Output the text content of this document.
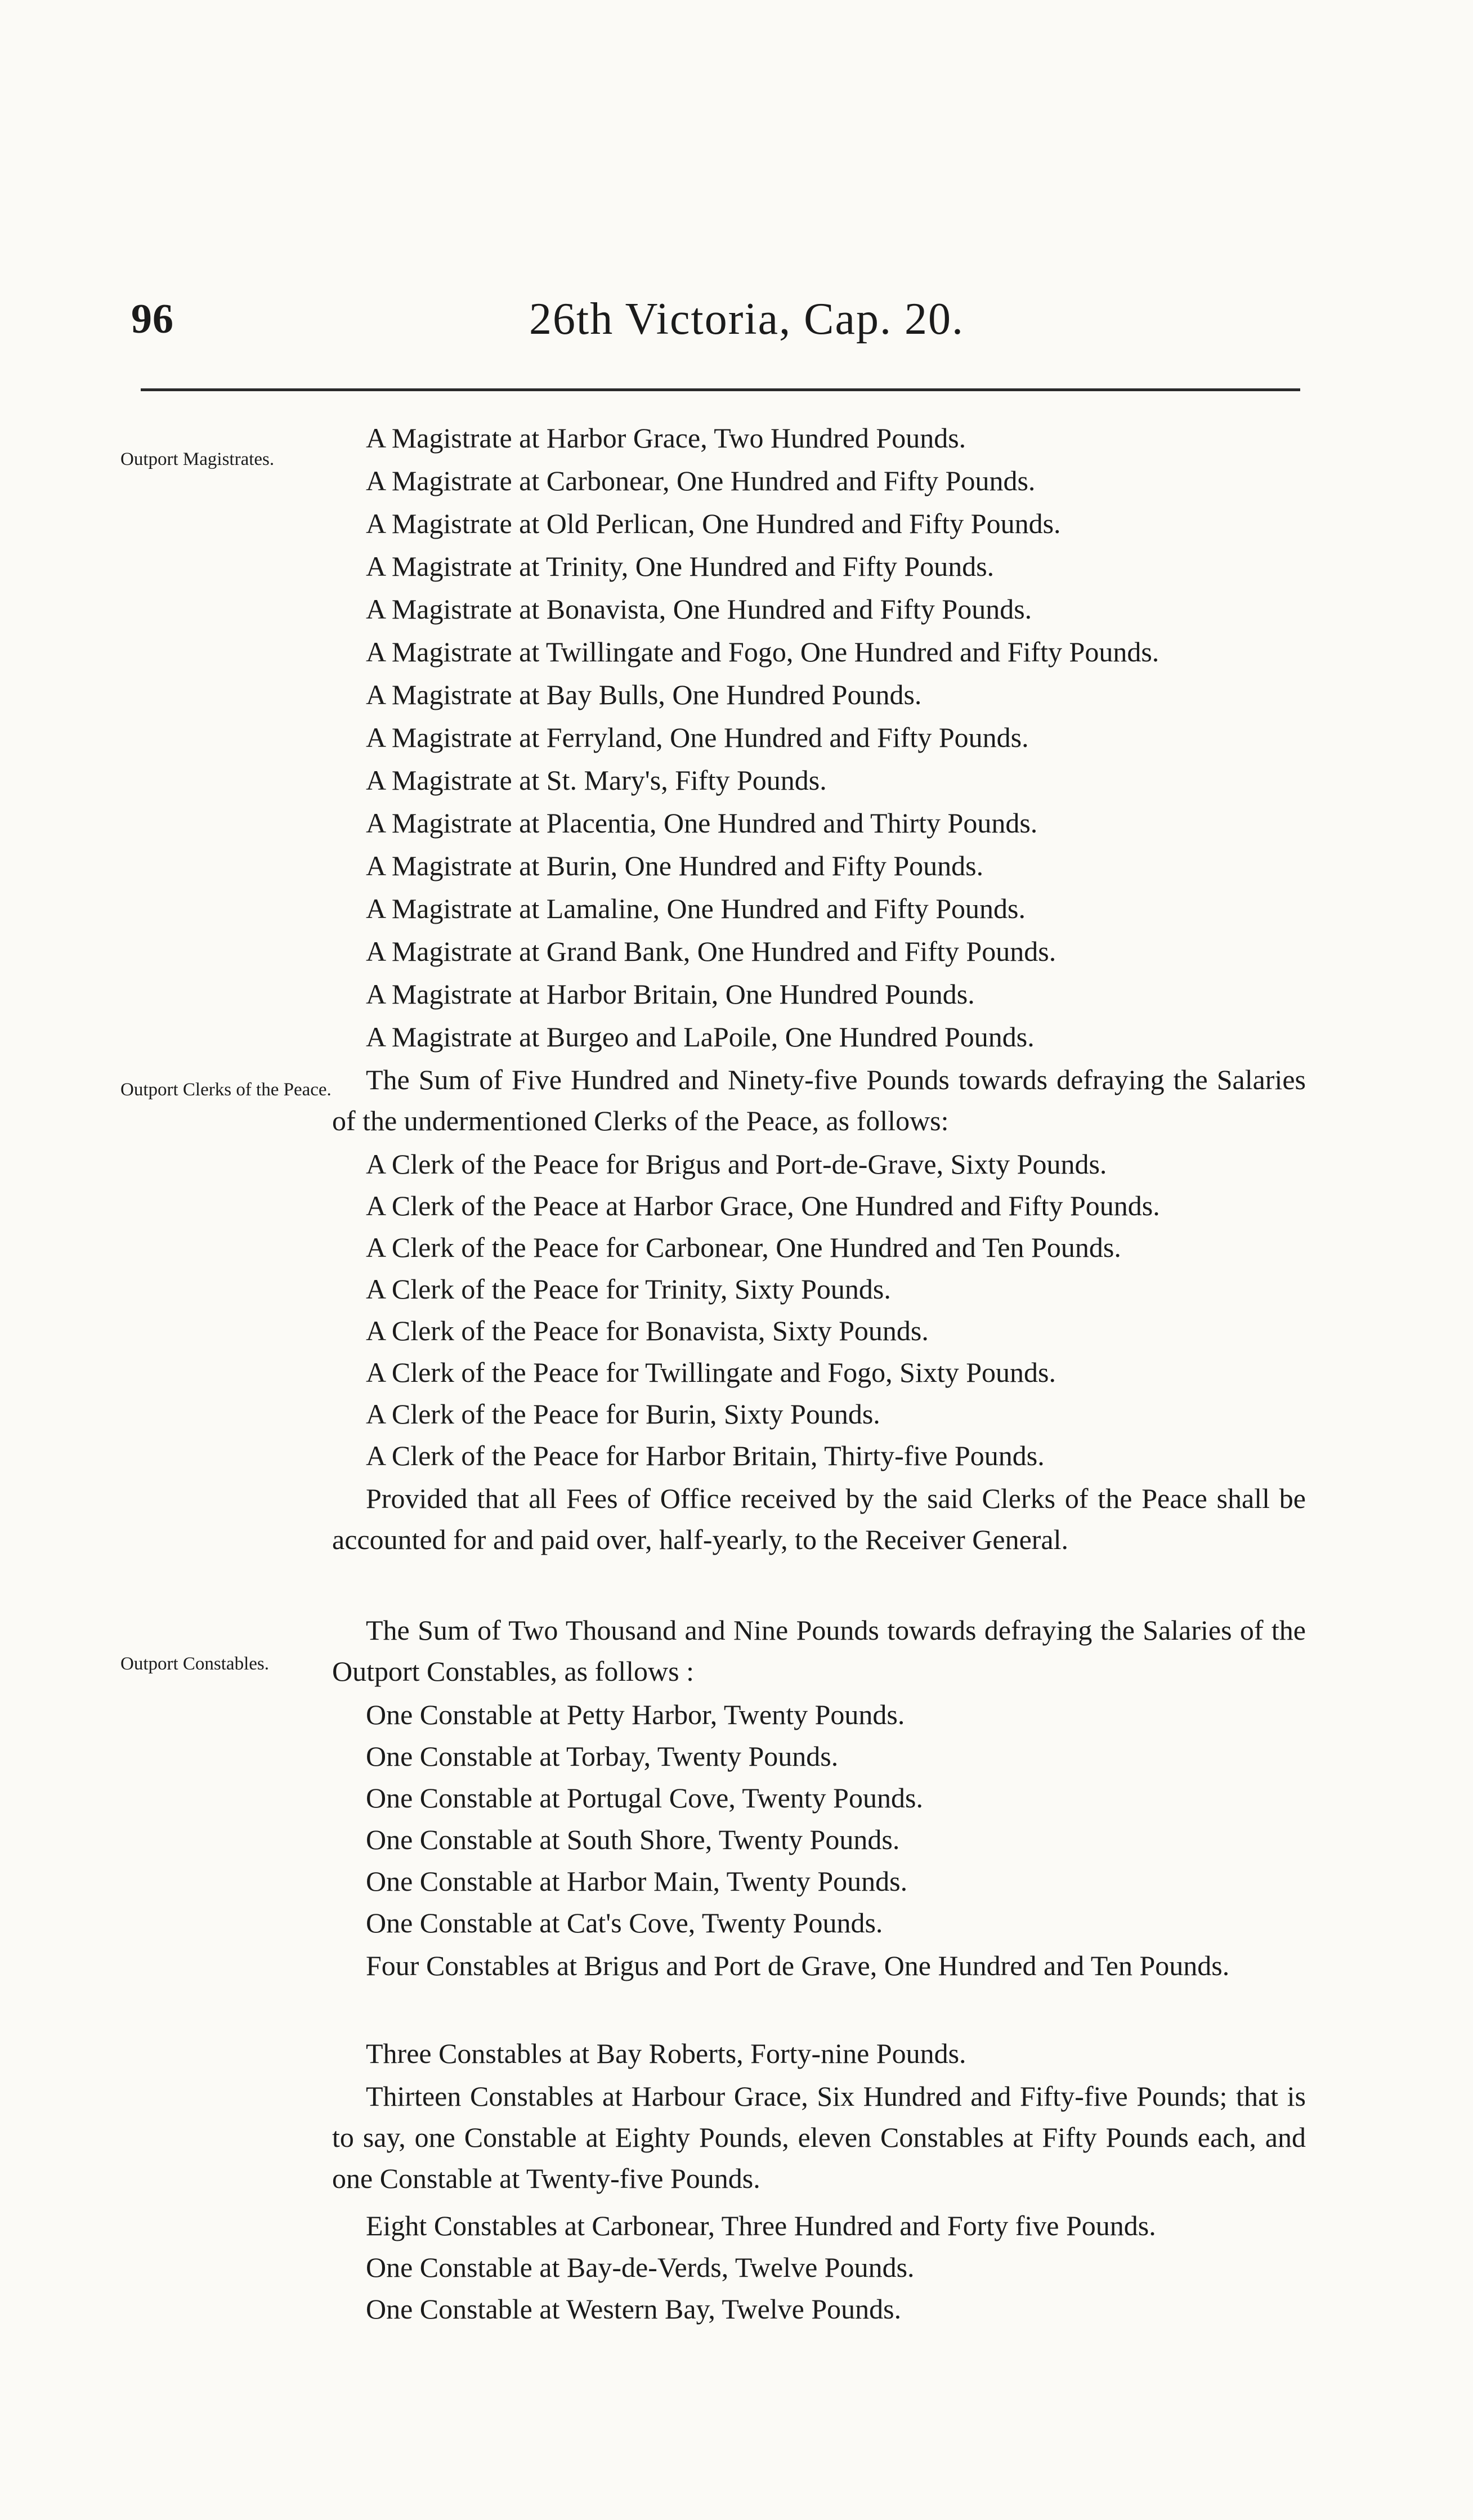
96	26th Victoria, Cap. 20.
Outport Magistrates.
Outport Clerks of the Peace.
Outport Constables.
A Magistrate at Harbor Grace, Two Hundred Pounds.
A Magistrate at Carbonear, One Hundred and Fifty Pounds.
A Magistrate at Old Perlican, One Hundred and Fifty Pounds.
A Magistrate at Trinity, One Hundred and Fifty Pounds.
A Magistrate at Bonavista, One Hundred and Fifty Pounds.
A Magistrate at Twillingate and Fogo, One Hundred and Fifty Pounds.
A Magistrate at Bay Bulls, One Hundred Pounds.
A Magistrate at Ferryland, One Hundred and Fifty Pounds.
A Magistrate at St. Mary's, Fifty Pounds.
A Magistrate at Placentia, One Hundred and Thirty Pounds.
A Magistrate at Burin, One Hundred and Fifty Pounds.
A Magistrate at Lamaline, One Hundred and Fifty Pounds.
A Magistrate at Grand Bank, One Hundred and Fifty Pounds.
A Magistrate at Harbor Britain, One Hundred Pounds.
A Magistrate at Burgeo and LaPoile, One Hundred Pounds.
The Sum of Five Hundred and Ninety-five Pounds towards defraying the Salaries of the undermentioned Clerks of the Peace, as follows:
A Clerk of the Peace for Brigus and Port-de-Grave, Sixty Pounds.
A Clerk of the Peace at Harbor Grace, One Hundred and Fifty Pounds.
A Clerk of the Peace for Carbonear, One Hundred and Ten Pounds.
A Clerk of the Peace for Trinity, Sixty Pounds.
A Clerk of the Peace for Bonavista, Sixty Pounds.
A Clerk of the Peace for Twillingate and Fogo, Sixty Pounds.
A Clerk of the Peace for Burin, Sixty Pounds.
A Clerk of the Peace for Harbor Britain, Thirty-five Pounds.
Provided that all Fees of Office received by the said Clerks of the Peace shall be accounted for and paid over, half-yearly, to the Receiver General.
The Sum of Two Thousand and Nine Pounds towards defraying the Salaries of the Outport Constables, as follows :
One Constable at Petty Harbor, Twenty Pounds.
One Constable at Torbay, Twenty Pounds.
One Constable at Portugal Cove, Twenty Pounds.
One Constable at South Shore, Twenty Pounds.
One Constable at Harbor Main, Twenty Pounds.
One Constable at Cat's Cove, Twenty Pounds.
Four Constables at Brigus and Port de Grave, One Hundred and Ten Pounds.
Three Constables at Bay Roberts, Forty-nine Pounds.
Thirteen Constables at Harbour Grace, Six Hundred and Fifty-five Pounds; that is to say, one Constable at Eighty Pounds, eleven Constables at Fifty Pounds each, and one Constable at Twenty-five Pounds.
Eight Constables at Carbonear, Three Hundred and Forty five Pounds.
One Constable at Bay-de-Verds, Twelve Pounds.
One Constable at Western Bay, Twelve Pounds.
